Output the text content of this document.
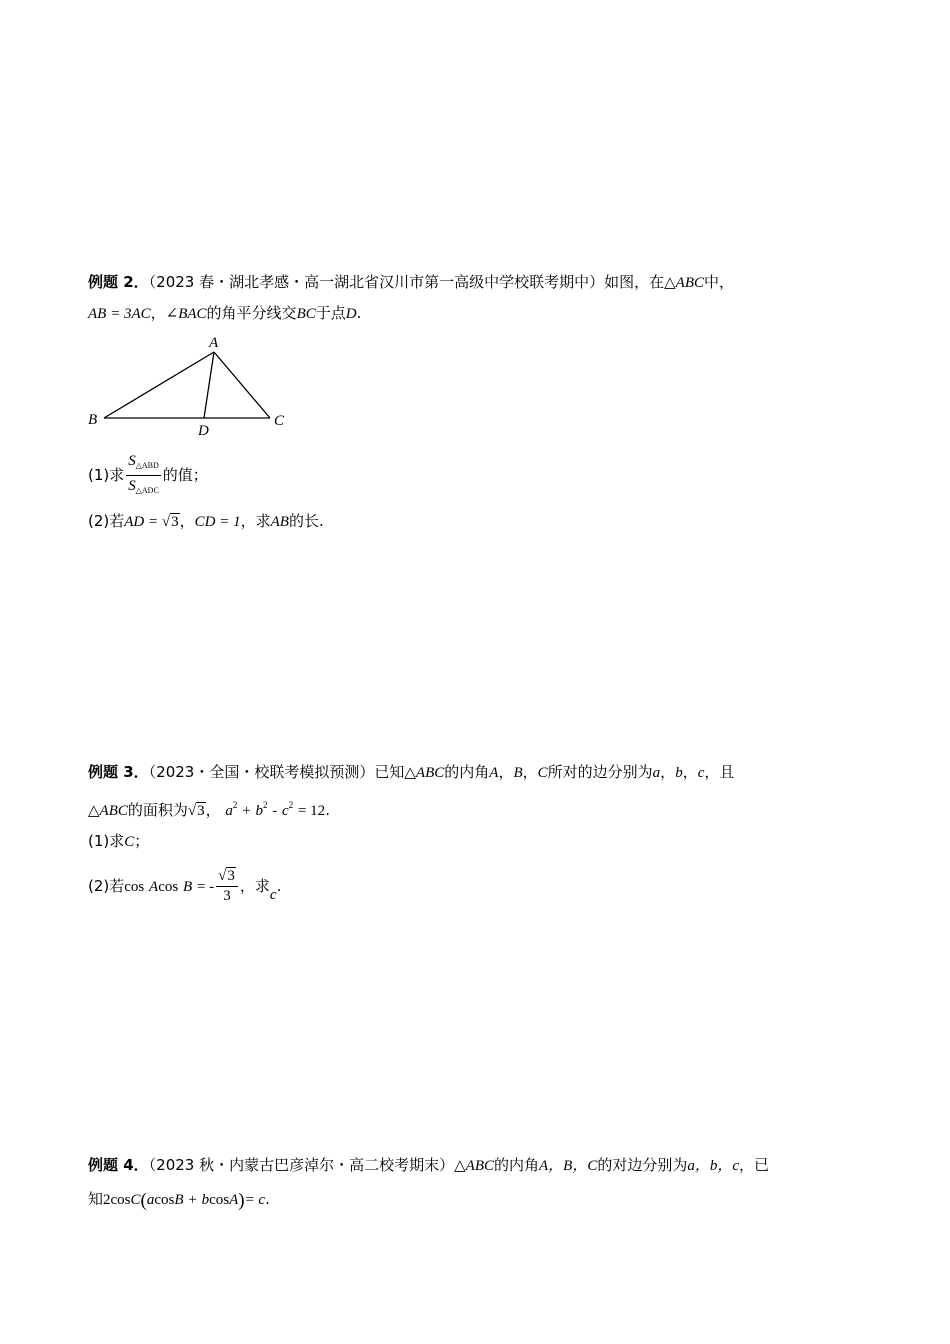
例题 2．（2023 春・湖北孝感・高一湖北省汉川市第一高级中学校联考期中）如图，在△ABC中，
AB = 3AC，∠BAC的角平分线交BC于点D.
A
B	C
D
(1)求 $\frac{S_{\triangle ABD}}{S_{\triangle ADC}}$ 的值；
(2)若AD = √3，CD = 1，求AB的长.
例题 3．（2023・全国・校联考模拟预测）已知△ABC的内角A，B，C所对的边分别为a，b，c，且
△ABC的面积为√3， $a^2 + b^2 - c^2 = 12$.
(1)求C；
(2)若cos Acos B = - $\frac{√3}{3}$ ，求c.
例题 4．（2023 秋・内蒙古巴彦淖尔・高二校考期末）△ABC的内角A，B，C的对边分别为a，b，c，已
知2cosC(acosB + bcosA)= c.
